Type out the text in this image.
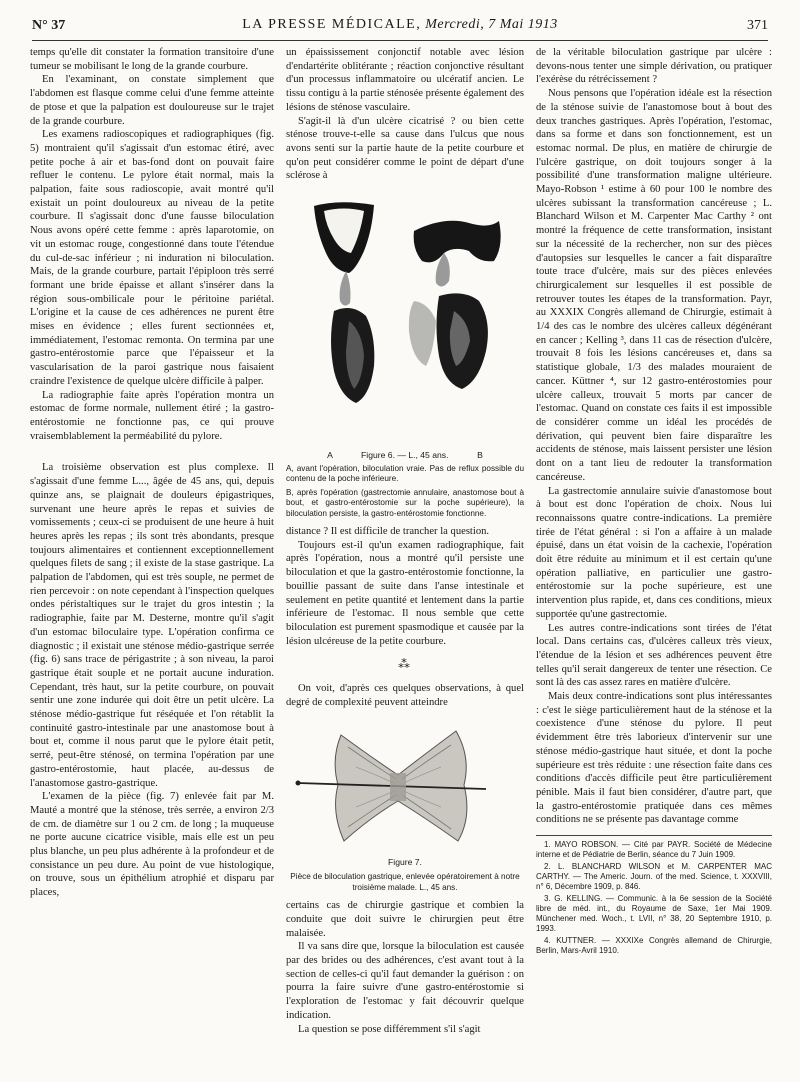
N° 37	LA PRESSE MÉDICALE, Mercredi, 7 Mai 1913	371

temps qu'elle dit constater la formation transitoire d'une tumeur se mobilisant le long de la grande courbure.

En l'examinant, on constate simplement que l'abdomen est flasque comme celui d'une femme atteinte de ptose et que la palpation est douloureuse sur le trajet de la grande courbure.

Les examens radioscopiques et radiographiques (fig. 5) montraient qu'il s'agissait d'un estomac étiré, avec petite poche à air et bas-fond dont on pouvait faire refluer le contenu. Le pylore était normal, mais la palpation, faite sous radioscopie, avait montré qu'il existait un point douloureux au niveau de la petite courbure. Il s'agissait donc d'une fausse biloculation Nous avons opéré cette femme : après laparotomie, on vit un estomac rouge, congestionné dans toute l'étendue du cul-de-sac inférieur ; ni induration ni biloculation. Mais, de la grande courbure, partait l'épiploon très serré formant une bride épaisse et allant s'insérer dans la région sous-ombilicale pour le péritoine pariétal. L'origine et la cause de ces adhérences ne purent être mises en évidence ; elles furent sectionnées et, immédiatement, l'estomac remonta. On termina par une gastro-entérostomie parce que l'épaisseur et la vascularisation de la paroi gastrique nous faisaient craindre l'existence de quelque ulcère difficile à palper.

La radiographie faite après l'opération montra un estomac de forme normale, nullement étiré ; la gastro-entérostomie ne fonctionne pas, ce qui prouve vraisemblablement la perméabilité du pylore.

La troisième observation est plus complexe. Il s'agissait d'une femme L..., âgée de 45 ans, qui, depuis quinze ans, se plaignait de douleurs épigastriques, survenant une heure après le repas et suivies de vomissements ; ceux-ci se produisent de une heure à huit heures après les repas ; ils sont très abondants, presque toujours alimentaires et contiennent exceptionnellement quelques filets de sang ; il existe de la stase gastrique. La palpation de l'abdomen, qui est très souple, ne permet de rien percevoir : on note cependant à l'inspection quelques ondes péristaltiques sur le trajet du gros intestin ; la radiographie, faite par M. Desterne, montre qu'il s'agit d'un estomac biloculaire type. L'opération confirma ce diagnostic ; il existait une sténose médio-gastrique serrée (fig. 6) sans trace de périgastrite ; à son niveau, la paroi gastrique était souple et ne portait aucune induration. Cependant, très haut, sur la petite courbure, on pouvait sentir une zone indurée qui doit être un petit ulcère. La sténose médio-gastrique fut réséquée et l'on rétablit la continuité gastro-intestinale par une anastomose bout à bout et, comme il nous parut que le pylore était petit, serré, peut-être sténosé, on termina l'opération par une gastro-entérostomie, haut placée, au-dessus de l'anastomose gastro-gastrique.

L'examen de la pièce (fig. 7) enlevée fait par M. Mauté a montré que la sténose, très serrée, a environ 2/3 de cm. de diamètre sur 1 ou 2 cm. de long ; la muqueuse ne porte aucune cicatrice visible, mais elle est un peu plus blanche, un peu plus adhérente à la profondeur et de consistance un peu dure. Au point de vue histologique, on trouve, sous un épithélium atrophié et disparu par places,

un épaississement conjonctif notable avec lésion d'endartérite oblitérante ; réaction conjonctive résultant d'un processus inflammatoire ou ulcératif ancien. Le tissu contigu à la partie sténosée présente également des lésions de sténose vasculaire.

S'agit-il là d'un ulcère cicatrisé ? ou bien cette sténose trouve-t-elle sa cause dans l'ulcus que nous avons senti sur la partie haute de la petite courbure et qu'on peut considérer comme le point de départ d'une sclérose à

A	Figure 6. — L., 45 ans.	B
A, avant l'opération, biloculation vraie. Pas de reflux possible du contenu de la poche inférieure.
B, après l'opération (gastrectomie annulaire, anastomose bout à bout, et gastro-entérostomie sur la poche supérieure), la biloculation persiste, la gastro-entérostomie fonctionne.

distance ? Il est difficile de trancher la question.

Toujours est-il qu'un examen radiographique, fait après l'opération, nous a montré qu'il persiste une biloculation et que la gastro-entérostomie fonctionne, la bouillie passant de suite dans l'anse intestinale et seulement en petite quantité et lentement dans la partie inférieure de l'estomac. Il nous semble que cette biloculation est purement spasmodique et causée par la lésion ulcéreuse de la petite courbure.

⁂

On voit, d'après ces quelques observations, à quel degré de complexité peuvent atteindre

Figure 7.
Pièce de biloculation gastrique, enlevée opératoirement à notre troisième malade. L., 45 ans.

certains cas de chirurgie gastrique et combien la conduite que doit suivre le chirurgien peut être malaisée.

Il va sans dire que, lorsque la biloculation est causée par des brides ou des adhérences, c'est avant tout à la section de celles-ci qu'il faut demander la guérison : on pourra la faire suivre d'une gastro-entérostomie si l'exploration de l'estomac y fait découvrir quelque indication.

La question se pose différemment s'il s'agit

de la véritable biloculation gastrique par ulcère : devons-nous tenter une simple dérivation, ou pratiquer l'exérèse du rétrécissement ?

Nous pensons que l'opération idéale est la résection de la sténose suivie de l'anastomose bout à bout des deux tranches gastriques. Après l'opération, l'estomac, dans sa forme et dans son fonctionnement, est un estomac normal. De plus, en matière de chirurgie de l'ulcère gastrique, on doit toujours songer à la possibilité d'une transformation maligne ultérieure. Mayo-Robson ¹ estime à 60 pour 100 le nombre des ulcères subissant la transformation cancéreuse ; L. Blanchard Wilson et M. Carpenter Mac Carthy ² ont montré la fréquence de cette transformation, insistant sur la nécessité de la rechercher, non sur des pièces d'autopsies sur lesquelles le cancer a fait disparaître toute trace d'ulcère, mais sur des pièces enlevées chirurgicalement sur lesquelles il est possible de retrouver toutes les étapes de la transformation. Payr, au XXXIX Congrès allemand de Chirurgie, estimait à 1/4 des cas le nombre des ulcères calleux dégénérant en cancer ; Kelling ³, dans 11 cas de résection d'ulcère, trouvait 8 fois les lésions cancéreuses et, dans sa statistique globale, 1/3 des malades mouraient de cancer. Küttner ⁴, sur 12 gastro-entérostomies pour ulcère calleux, trouvait 5 morts par cancer de l'estomac. Quand on constate ces faits il est impossible de considérer comme un idéal les procédés de dérivation, qui peuvent bien faire disparaître les accidents de sténose, mais laissent persister une lésion dont on a tant lieu de redouter la transformation cancéreuse.

La gastrectomie annulaire suivie d'anastomose bout à bout est donc l'opération de choix. Nous lui reconnaissons quatre contre-indications. La première tirée de l'état général : si l'on a affaire à un malade épuisé, dans un état voisin de la cachexie, l'opération doit être réduite au minimum et il est certain qu'une opération palliative, en particulier une gastro-entérostomie sur la poche supérieure, est une intervention plus rapide, et, dans ces conditions, mieux supportée qu'une gastrectomie.

Les autres contre-indications sont tirées de l'état local. Dans certains cas, d'ulcères calleux très vieux, l'étendue de la lésion et ses adhérences peuvent être telles qu'il serait dangereux de tenter une résection. Ce sont là des cas assez rares en matière d'ulcère.

Mais deux contre-indications sont plus intéressantes : c'est le siège particulièrement haut de la sténose et la coexistence d'une sténose du pylore. Il peut évidemment être très laborieux d'intervenir sur une sténose médio-gastrique haut située, et dont la poche supérieure est très réduite : une résection faite dans ces conditions d'accès difficile peut être particulièrement pénible. Mais il faut bien considérer, d'autre part, que la gastro-entérostomie pratiquée dans ces mêmes conditions ne se présente pas davantage comme

1. MAYO ROBSON. — Cité par PAYR. Société de Médecine interne et de Pédiatrie de Berlin, séance du 7 Juin 1909.
2. L. BLANCHARD WILSON et M. CARPENTER MAC CARTHY. — The Americ. Journ. of the med. Science, t. XXXVIII, n° 6, Décembre 1909, p. 846.
3. G. KELLING. — Communic. à la 6e session de la Société libre de méd. int., du Royaume de Saxe, 1er Mai 1909. Münchener med. Woch., t. LVII, n° 38, 20 Septembre 1910, p. 1993.
4. KUTTNER. — XXXIXe Congrès allemand de Chirurgie, Berlin, Mars-Avril 1910.
